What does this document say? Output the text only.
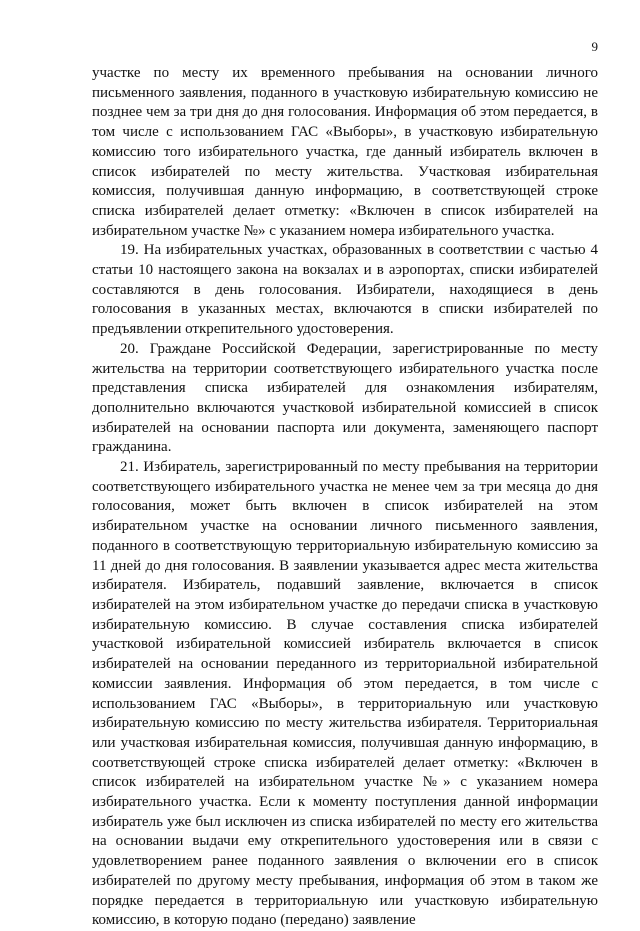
9

участке по месту их временного пребывания на основании личного письменного заявления, поданного в участковую избирательную комиссию не позднее чем за три дня до дня голосования. Информация об этом передается, в том числе с использованием ГАС «Выборы», в участковую избирательную комиссию того избирательного участка, где данный избиратель включен в список избирателей по месту жительства. Участковая избирательная комиссия, получившая данную информацию, в соответствующей строке списка избирателей делает отметку: «Включен в список избирателей на избирательном участке №» с указанием номера избирательного участка.

19. На избирательных участках, образованных в соответствии с частью 4 статьи 10 настоящего закона на вокзалах и в аэропортах, списки избирателей составляются в день голосования. Избиратели, находящиеся в день голосования в указанных местах, включаются в списки избирателей по предъявлении открепительного удостоверения.

20. Граждане Российской Федерации, зарегистрированные по месту жительства на территории соответствующего избирательного участка после представления списка избирателей для ознакомления избирателям, дополнительно включаются участковой избирательной комиссией в список избирателей на основании паспорта или документа, заменяющего паспорт гражданина.

21. Избиратель, зарегистрированный по месту пребывания на территории соответствующего избирательного участка не менее чем за три месяца до дня голосования, может быть включен в список избирателей на этом избирательном участке на основании личного письменного заявления, поданного в соответствующую территориальную избирательную комиссию за 11 дней до дня голосования. В заявлении указывается адрес места жительства избирателя. Избиратель, подавший заявление, включается в список избирателей на этом избирательном участке до передачи списка в участковую избирательную комиссию. В случае составления списка избирателей участковой избирательной комиссией избиратель включается в список избирателей на основании переданного из территориальной избирательной комиссии заявления. Информация об этом передается, в том числе с использованием ГАС «Выборы», в территориальную или участковую избирательную комиссию по месту жительства избирателя. Территориальная или участковая избирательная комиссия, получившая данную информацию, в соответствующей строке списка избирателей делает отметку: «Включен в список избирателей на избирательном участке №» с указанием номера избирательного участка. Если к моменту поступления данной информации избиратель уже был исключен из списка избирателей по месту его жительства на основании выдачи ему открепительного удостоверения или в связи с удовлетворением ранее поданного заявления о включении его в список избирателей по другому месту пребывания, информация об этом в таком же порядке передается в территориальную или участковую избирательную комиссию, в которую подано (передано) заявление
